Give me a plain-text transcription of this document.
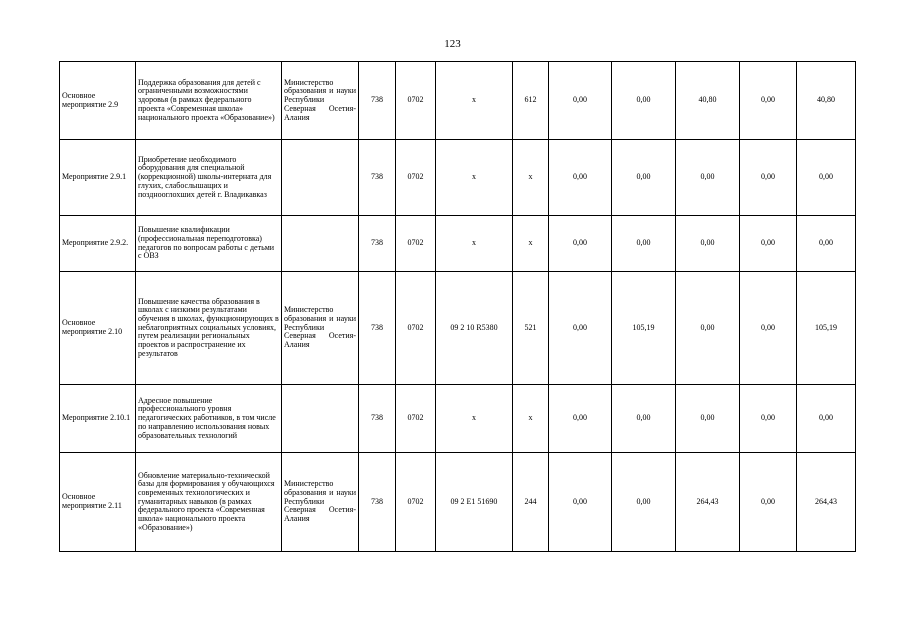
123
Основное мероприятие 2.9	Поддержка образования для детей с ограниченными возможностями здоровья (в рамках федерального проекта «Современная школа» национального проекта «Образование»)	Министерство образования и науки Республики Северная Осетия-Алания	738	0702	х	612	0,00	0,00	40,80	0,00	40,80
Мероприятие 2.9.1	Приобретение необходимого оборудования для специальной (коррекционной) школы-интерната для глухих, слабослышащих и позднооглохших детей г. Владикавказ		738	0702	х	х	0,00	0,00	0,00	0,00	0,00
Мероприятие 2.9.2.	Повышение квалификации (профессиональная переподготовка) педагогов по вопросам работы с детьми с ОВЗ		738	0702	х	х	0,00	0,00	0,00	0,00	0,00
Основное мероприятие 2.10	Повышение качества образования в школах с низкими результатами обучения в школах, функционирующих в неблагоприятных социальных условиях, путем реализации региональных проектов и распространение их результатов	Министерство образования и науки Республики Северная Осетия-Алания	738	0702	09 2 10 R5380	521	0,00	105,19	0,00	0,00	105,19
Мероприятие 2.10.1	Адресное повышение профессионального уровня педагогических работников, в том числе по направлению использования новых образовательных технологий		738	0702	х	х	0,00	0,00	0,00	0,00	0,00
Основное мероприятие 2.11	Обновление материально-технической базы для формирования у обучающихся современных технологических и гуманитарных навыков (в рамках федерального проекта «Современная школа» национального проекта «Образование»)	Министерство образования и науки Республики Северная Осетия-Алания	738	0702	09 2 Е1 51690	244	0,00	0,00	264,43	0,00	264,43
